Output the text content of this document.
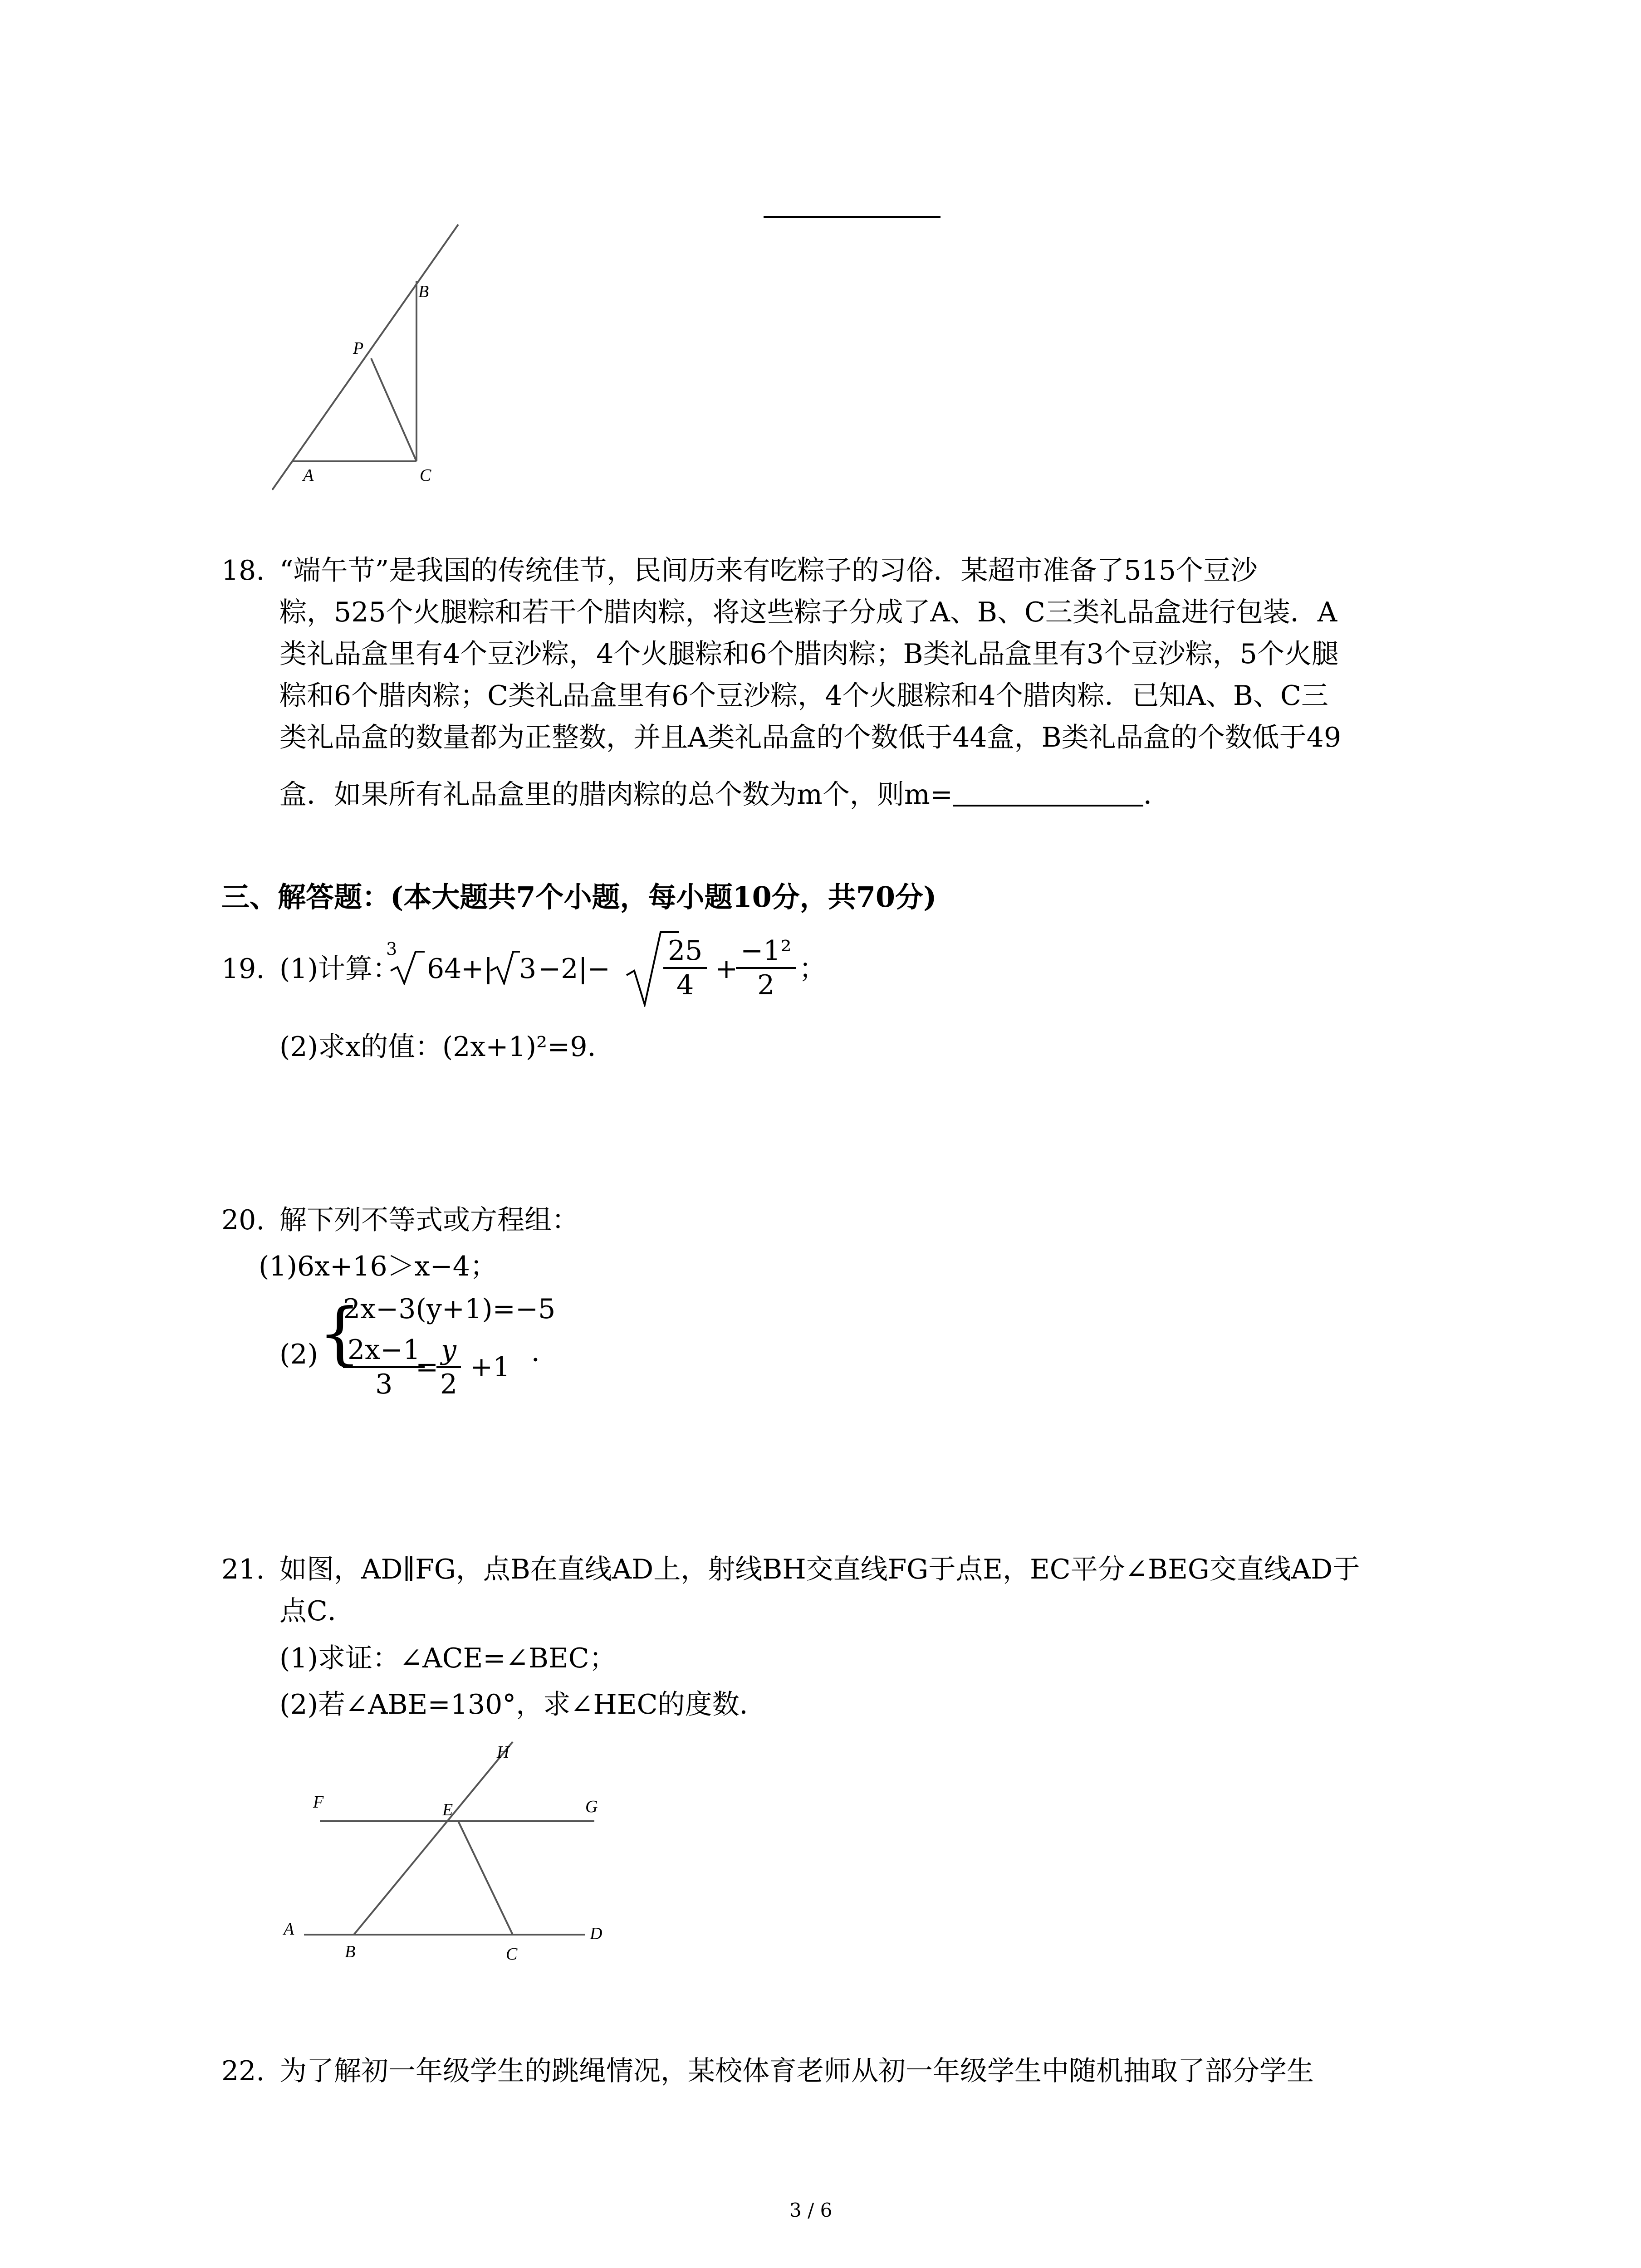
B
P
A	C
18. “端午节”是我国的传统佳节，民间历来有吃粽子的习俗．某超市准备了515个豆沙
粽，525个火腿粽和若干个腊肉粽，将这些粽子分成了A、B、C三类礼品盒进行包装．A
类礼品盒里有4个豆沙粽，4个火腿粽和6个腊肉粽；B类礼品盒里有3个豆沙粽，5个火腿
粽和6个腊肉粽；C类礼品盒里有6个豆沙粽，4个火腿粽和4个腊肉粽．已知A、B、C三
类礼品盒的数量都为正整数，并且A类礼品盒的个数低于44盒，B类礼品盒的个数低于49
盒．如果所有礼品盒里的腊肉粽的总个数为m个，则m=	．
三、解答题：(本大题共7个小题，每小题10分，共70分)
19. (1)计算：
3
64
+| $3 -2|- \frac{25}{4}$ +
$\frac{\text{−1²}}{2}$ ；
(2)求x的值：(2x+1)²=9．
20. 解下列不等式或方程组：
(1)6x+16＞x−4；
(2) {
2x−3(y+1)=−5
$\frac{2x-1}{3}$
=
$\frac{y}{2} +1$ ．
21. 如图，AD∥FG，点B在直线AD上，射线BH交直线FG于点E，EC平分∠BEG交直线AD于
点C．
(1)求证：∠ACE=∠BEC；
(2)若∠ABE=130°，求∠HEC的度数．
H
F	E	G
A
B	C
D
22. 为了解初一年级学生的跳绳情况，某校体育老师从初一年级学生中随机抽取了部分学生
3 / 6
